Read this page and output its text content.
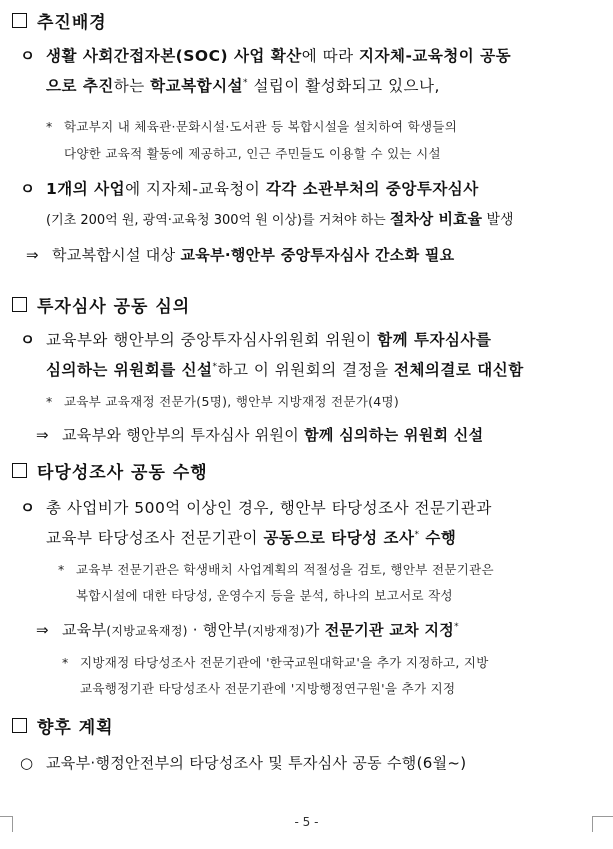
추진배경
ㅇ 생활 사회간접자본(SOC) 사업 확산에 따라 지자체-교육청이 공동
으로 추진하는 학교복합시설* 설립이 활성화되고 있으나,
* 학교부지 내 체육관·문화시설·도서관 등 복합시설을 설치하여 학생들의
다양한 교육적 활동에 제공하고, 인근 주민들도 이용할 수 있는 시설
ㅇ 1개의 사업에 지자체-교육청이 각각 소관부처의 중앙투자심사
(기초 200억 원, 광역·교육청 300억 원 이상)를 거쳐야 하는 절차상 비효율 발생
⇒ 학교복합시설 대상 교육부·행안부 중앙투자심사 간소화 필요
투자심사 공동 심의
ㅇ 교육부와 행안부의 중앙투자심사위원회 위원이 함께 투자심사를
심의하는 위원회를 신설*하고 이 위원회의 결정을 전체의결로 대신함
* 교육부 교육재정 전문가(5명), 행안부 지방재정 전문가(4명)
⇒ 교육부와 행안부의 투자심사 위원이 함께 심의하는 위원회 신설
타당성조사 공동 수행
ㅇ 총 사업비가 500억 이상인 경우, 행안부 타당성조사 전문기관과
교육부 타당성조사 전문기관이 공동으로 타당성 조사* 수행
* 교육부 전문기관은 학생배치 사업계획의 적절성을 검토, 행안부 전문기관은
복합시설에 대한 타당성, 운영수지 등을 분석, 하나의 보고서로 작성
⇒ 교육부(지방교육재정) · 행안부(지방재정)가 전문기관 교차 지정*
* 지방재정 타당성조사 전문기관에 '한국교원대학교'을 추가 지정하고, 지방
교육행정기관 타당성조사 전문기관에 '지방행정연구원'을 추가 지정
향후 계획
○ 교육부·행정안전부의 타당성조사 및 투자심사 공동 수행(6월~)
- 5 -
